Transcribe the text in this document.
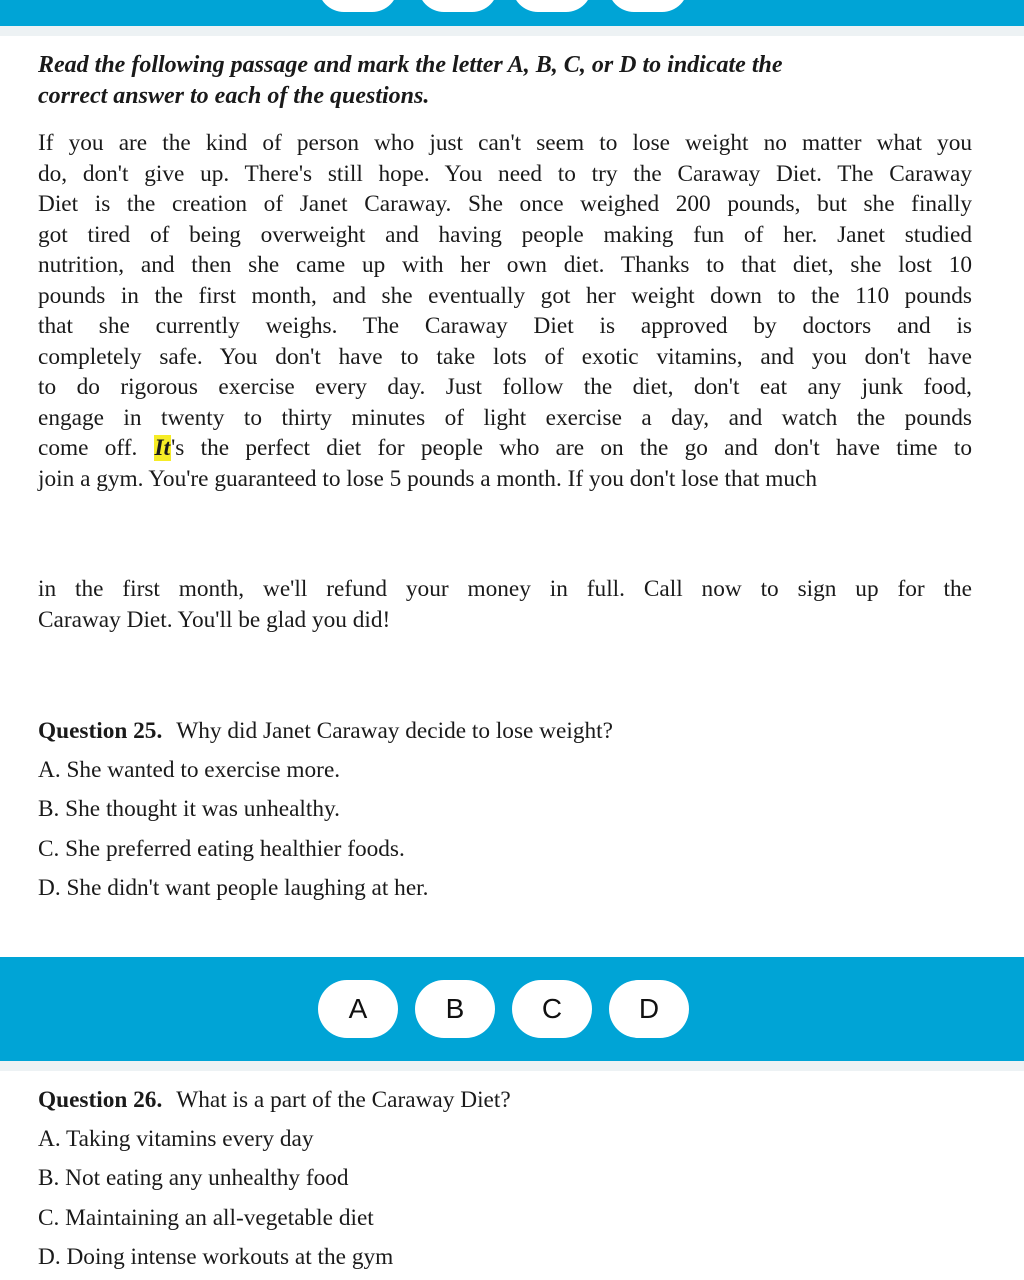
Read the following passage and mark the letter A, B, C, or D to indicate the
correct answer to each of the questions.
If you are the kind of person who just can't seem to lose weight no matter what you
do, don't give up. There's still hope. You need to try the Caraway Diet. The Caraway
Diet is the creation of Janet Caraway. She once weighed 200 pounds, but she finally
got tired of being overweight and having people making fun of her. Janet studied
nutrition, and then she came up with her own diet. Thanks to that diet, she lost 10
pounds in the first month, and she eventually got her weight down to the 110 pounds
that she currently weighs. The Caraway Diet is approved by doctors and is
completely safe. You don't have to take lots of exotic vitamins, and you don't have
to do rigorous exercise every day. Just follow the diet, don't eat any junk food,
engage in twenty to thirty minutes of light exercise a day, and watch the pounds
come off. It's the perfect diet for people who are on the go and don't have time to
join a gym. You're guaranteed to lose 5 pounds a month. If you don't lose that much
in the first month, we'll refund your money in full. Call now to sign up for the
Caraway Diet. You'll be glad you did!
Question 25. Why did Janet Caraway decide to lose weight?
A. She wanted to exercise more.
B. She thought it was unhealthy.
C. She preferred eating healthier foods.
D. She didn't want people laughing at her.
A	B	C	D
Question 26. What is a part of the Caraway Diet?
A. Taking vitamins every day
B. Not eating any unhealthy food
C. Maintaining an all-vegetable diet
D. Doing intense workouts at the gym
